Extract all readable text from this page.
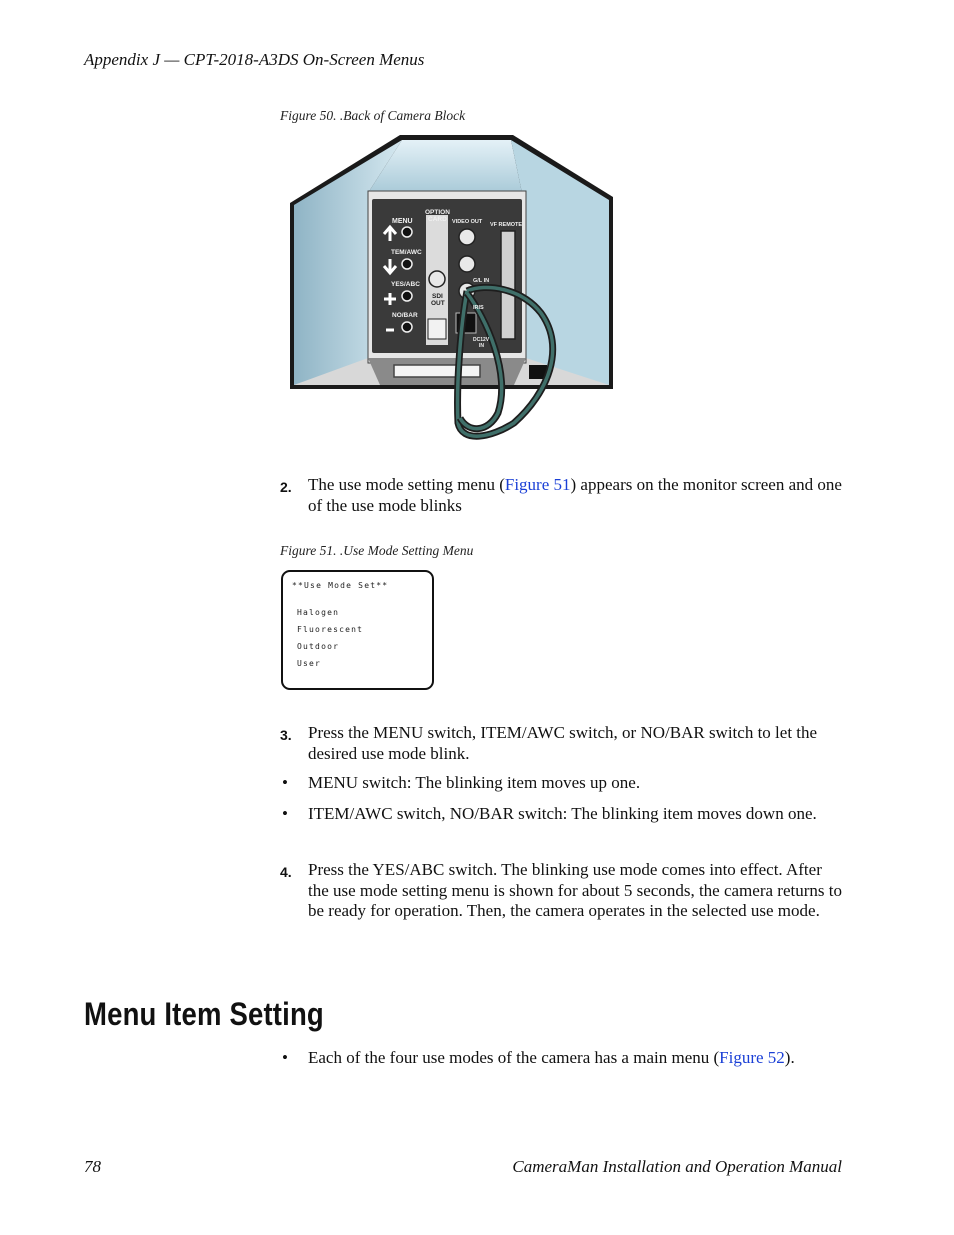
Appendix J — CPT-2018-A3DS On-Screen Menus
Figure 50. .Back of Camera Block
MENU
OPTION
CARD VIDEO OUT VF REMOTE
TEM/AWC
G/L IN
YES/ABC
SDI
OUT
IRIS
NO/BAR
DC12V
IN
2. The use mode setting menu (Figure 51) appears on the monitor screen and one of the use mode blinks
Figure 51. .Use Mode Setting Menu
**Use Mode Set**
Halogen
Fluorescent
Outdoor
User
3. Press the MENU switch, ITEM/AWC switch, or NO/BAR switch to let the desired use mode blink.
• MENU switch: The blinking item moves up one.
• ITEM/AWC switch, NO/BAR switch: The blinking item moves down one.
4. Press the YES/ABC switch. The blinking use mode comes into effect. After the use mode setting menu is shown for about 5 seconds, the camera returns to be ready for operation. Then, the camera operates in the selected use mode.
Menu Item Setting
• Each of the four use modes of the camera has a main menu (Figure 52).
78	CameraMan Installation and Operation Manual
